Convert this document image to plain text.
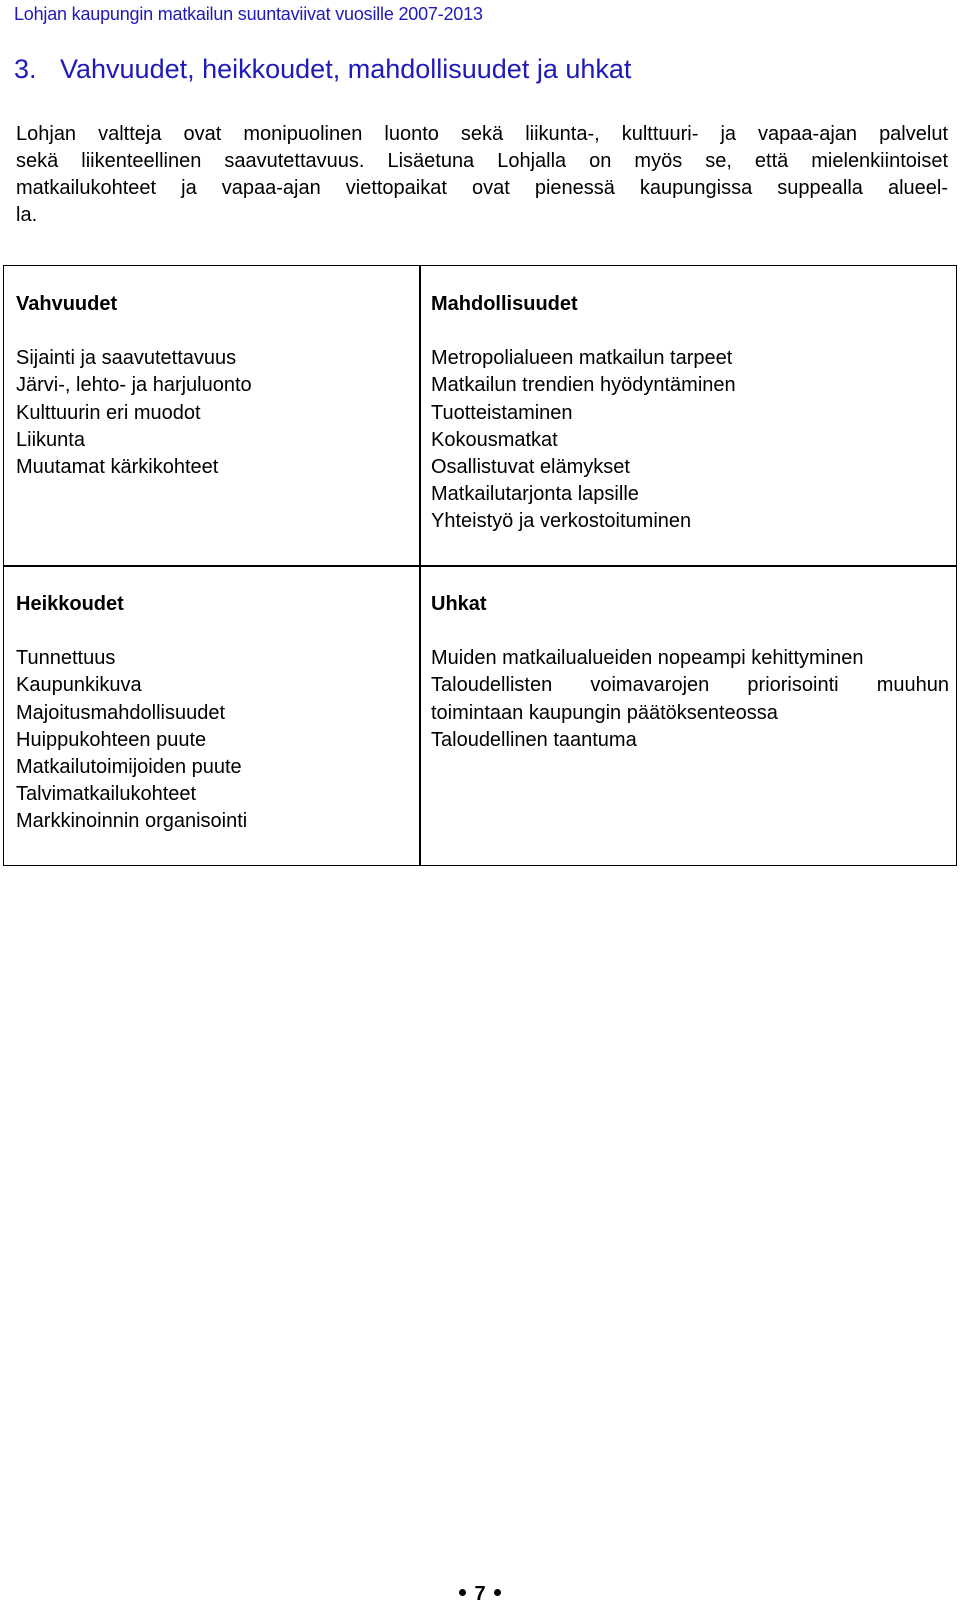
Lohjan kaupungin matkailun suuntaviivat vuosille 2007-2013
3. Vahvuudet, heikkoudet, mahdollisuudet ja uhkat
Lohjan valtteja ovat monipuolinen luonto sekä liikunta-, kulttuuri- ja vapaa-ajan palvelut
sekä liikenteellinen saavutettavuus. Lisäetuna Lohjalla on myös se, että mielenkiintoiset
matkailukohteet ja vapaa-ajan viettopaikat ovat pienessä kaupungissa suppealla alueel-
la.
Vahvuudet
Sijainti ja saavutettavuus
Järvi-, lehto- ja harjuluonto
Kulttuurin eri muodot
Liikunta
Muutamat kärkikohteet
Mahdollisuudet
Metropolialueen matkailun tarpeet
Matkailun trendien hyödyntäminen
Tuotteistaminen
Kokousmatkat
Osallistuvat elämykset
Matkailutarjonta lapsille
Yhteistyö ja verkostoituminen
Heikkoudet
Tunnettuus
Kaupunkikuva
Majoitusmahdollisuudet
Huippukohteen puute
Matkailutoimijoiden puute
Talvimatkailukohteet
Markkinoinnin organisointi
Uhkat
Muiden matkailualueiden nopeampi kehittyminen
Taloudellisten voimavarojen priorisointi muuhun
toimintaan kaupungin päätöksenteossa
Taloudellinen taantuma
7
